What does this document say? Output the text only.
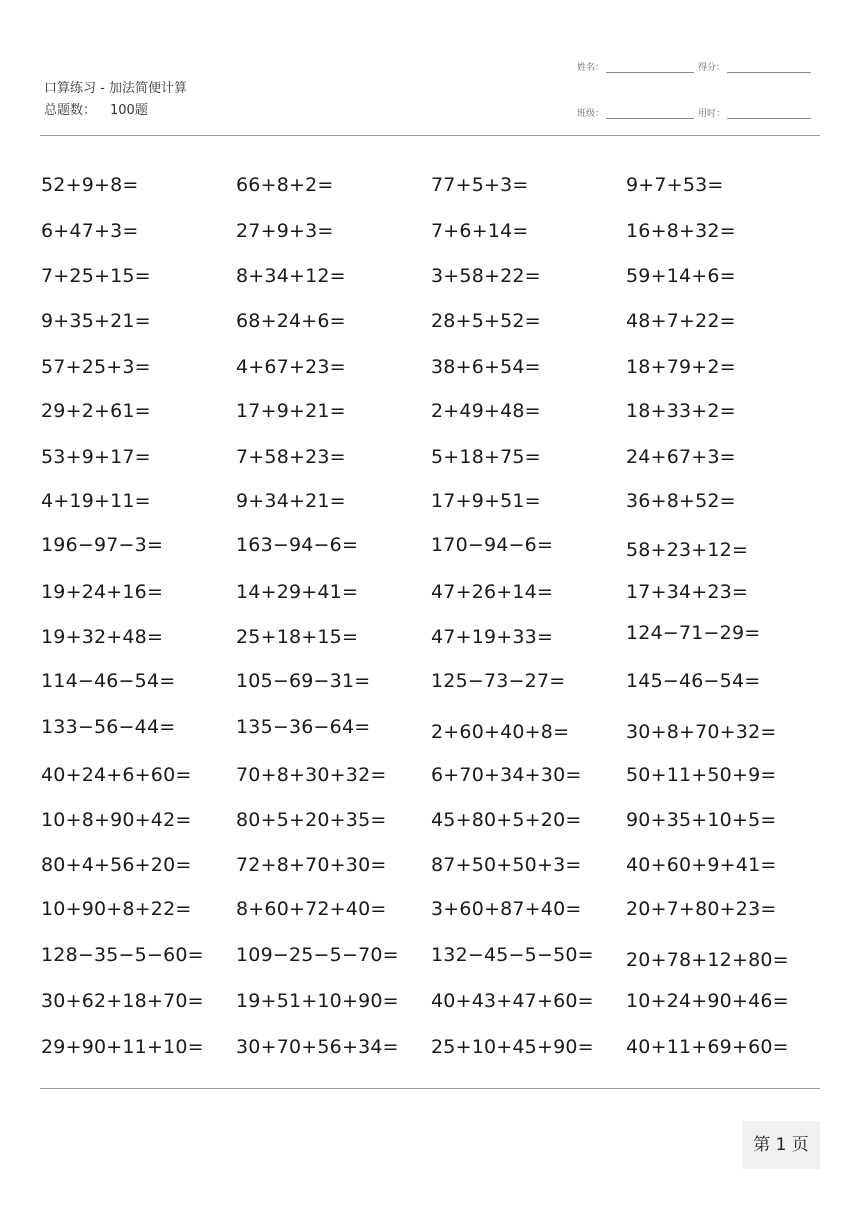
口算练习 - 加法简便计算
总题数： 100题
姓名：	得分：
班级：	用时：
52+9+8=	66+8+2=	77+5+3=	9+7+53=
6+47+3=	27+9+3=	7+6+14=	16+8+32=
7+25+15=	8+34+12=	3+58+22=	59+14+6=
9+35+21=	68+24+6=	28+5+52=	48+7+22=
57+25+3=	4+67+23=	38+6+54=	18+79+2=
29+2+61=	17+9+21=	2+49+48=	18+33+2=
53+9+17=	7+58+23=	5+18+75=	24+67+3=
4+19+11=	9+34+21=	17+9+51=	36+8+52=
196−97−3=	163−94−6=	170−94−6=	58+23+12=
19+24+16=	14+29+41=	47+26+14=	17+34+23=
19+32+48=	25+18+15=	47+19+33=	124−71−29=
114−46−54=	105−69−31=	125−73−27=	145−46−54=
133−56−44=	135−36−64=	2+60+40+8=	30+8+70+32=
40+24+6+60= 70+8+30+32= 6+70+34+30= 50+11+50+9=
10+8+90+42= 80+5+20+35= 45+80+5+20= 90+35+10+5=
80+4+56+20= 72+8+70+30= 87+50+50+3= 40+60+9+41=
10+90+8+22= 8+60+72+40= 3+60+87+40= 20+7+80+23=
128−35−5−60= 109−25−5−70= 132−45−5−50= 20+78+12+80=
30+62+18+70= 19+51+10+90= 40+43+47+60= 10+24+90+46=
29+90+11+10= 30+70+56+34= 25+10+45+90= 40+11+69+60=
第 1 页
